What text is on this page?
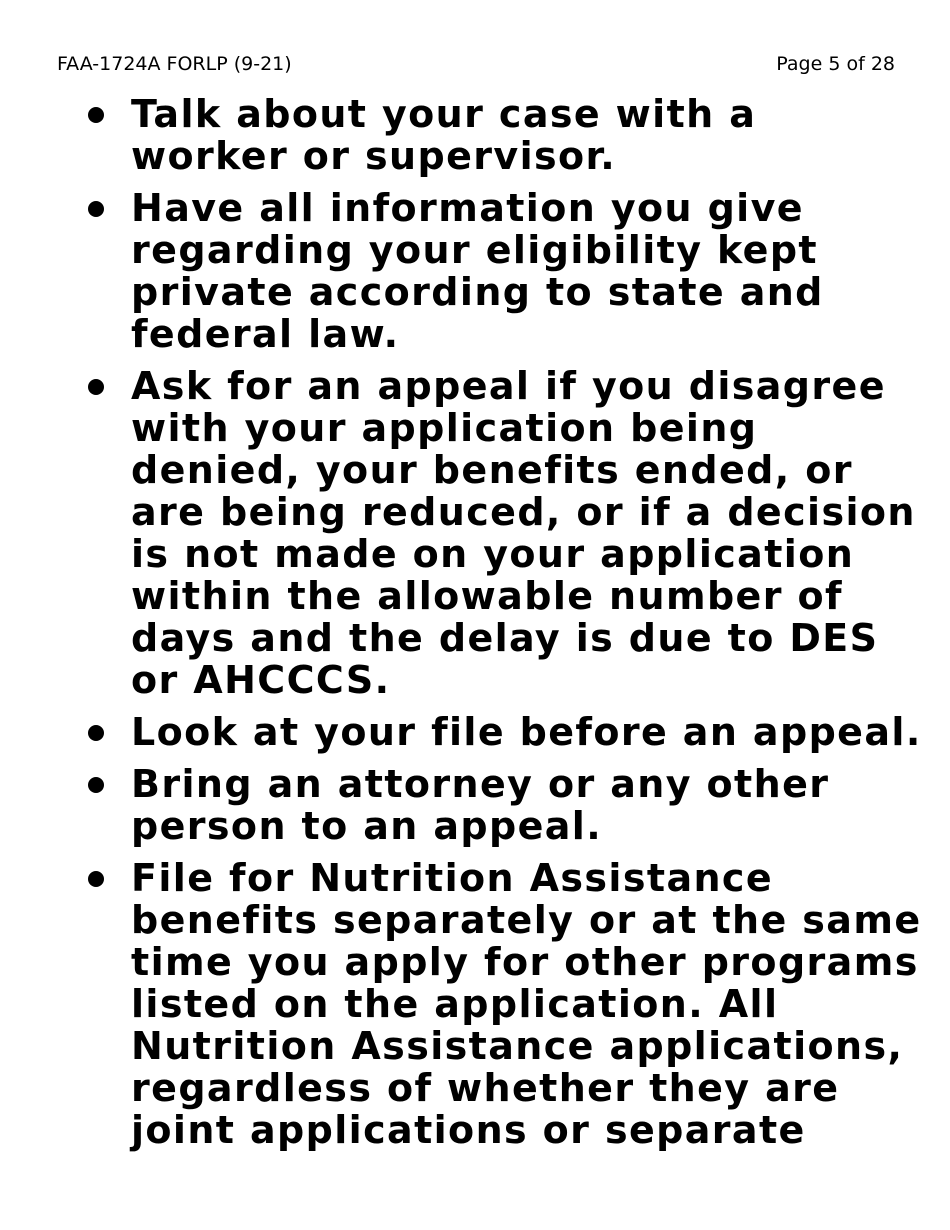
FAA-1724A FORLP (9-21)	Page 5 of 28
Talk about your case with a
worker or supervisor.
Have all information you give
regarding your eligibility kept
private according to state and
federal law.
Ask for an appeal if you disagree
with your application being
denied, your benefits ended, or
are being reduced, or if a decision
is not made on your application
within the allowable number of
days and the delay is due to DES
or AHCCCS.
Look at your file before an appeal.
Bring an attorney or any other
person to an appeal.
File for Nutrition Assistance
benefits separately or at the same
time you apply for other programs
listed on the application. All
Nutrition Assistance applications,
regardless of whether they are
joint applications or separate
